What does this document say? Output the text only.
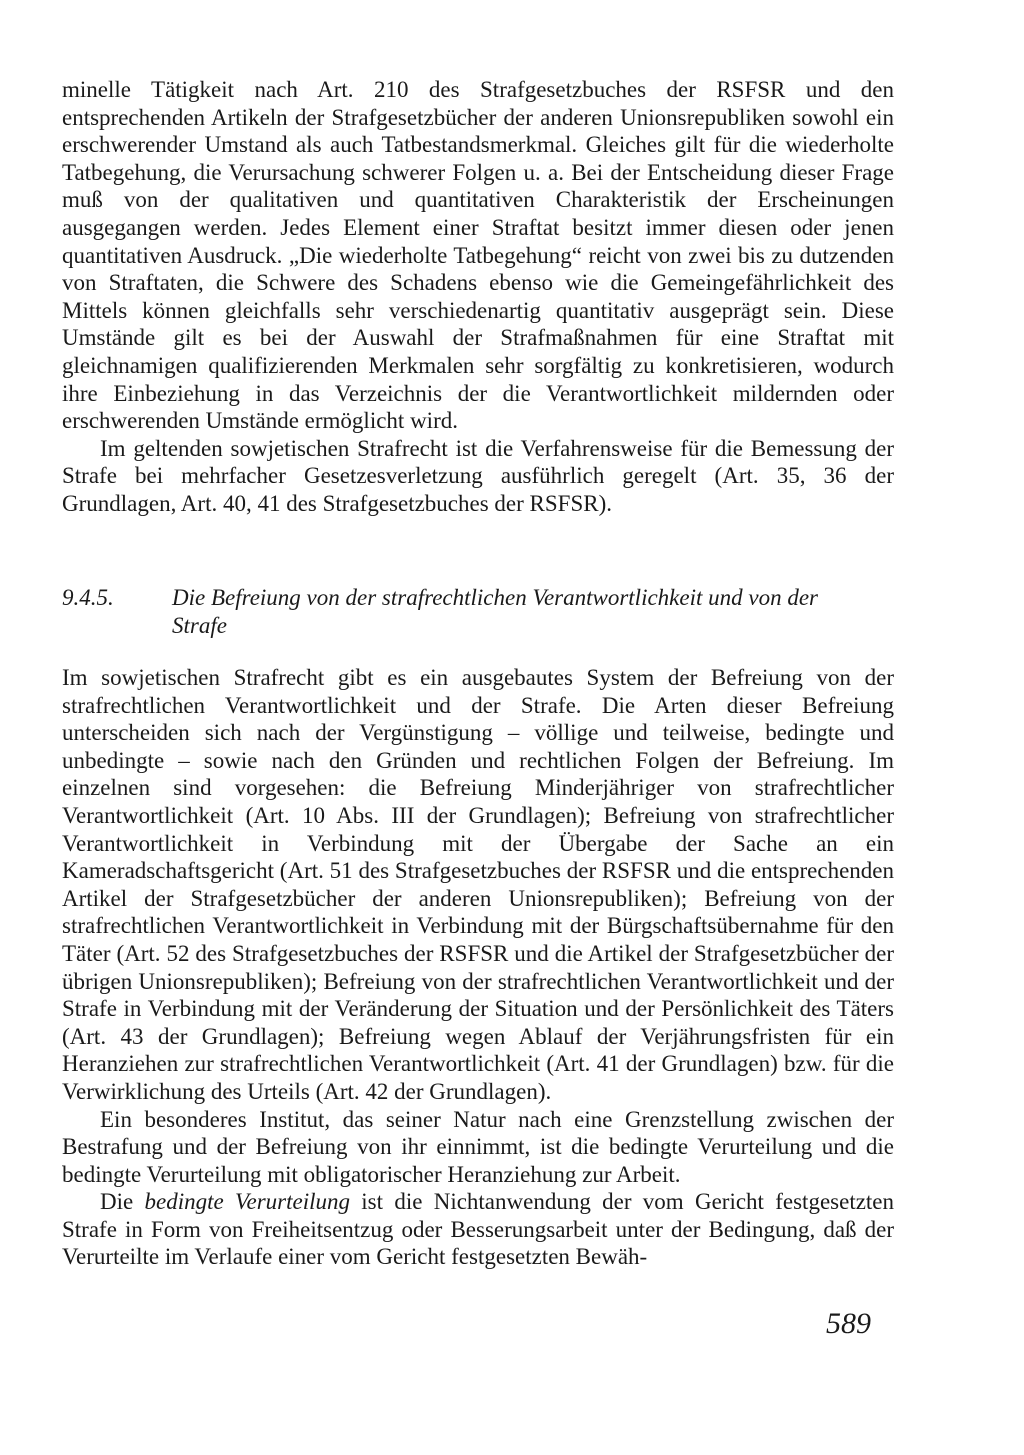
minelle Tätigkeit nach Art. 210 des Strafgesetzbuches der RSFSR und den entsprechenden Artikeln der Strafgesetzbücher der anderen Unionsrepubliken sowohl ein erschwerender Umstand als auch Tatbestandsmerkmal. Gleiches gilt für die wiederholte Tatbegehung, die Verursachung schwerer Folgen u. a. Bei der Entscheidung dieser Frage muß von der qualitativen und quantitativen Charakteristik der Erscheinungen ausgegangen werden. Jedes Element einer Straftat besitzt immer diesen oder jenen quantitativen Ausdruck. „Die wiederholte Tatbegehung“ reicht von zwei bis zu dutzenden von Straftaten, die Schwere des Schadens ebenso wie die Gemeingefährlichkeit des Mittels können gleichfalls sehr verschiedenartig quantitativ ausgeprägt sein. Diese Umstände gilt es bei der Auswahl der Strafmaßnahmen für eine Straftat mit gleichnamigen qualifizierenden Merkmalen sehr sorgfältig zu konkretisieren, wodurch ihre Einbeziehung in das Verzeichnis der die Verantwortlichkeit mildernden oder erschwerenden Umstände ermöglicht wird.

Im geltenden sowjetischen Strafrecht ist die Verfahrensweise für die Bemessung der Strafe bei mehrfacher Gesetzesverletzung ausführlich geregelt (Art. 35, 36 der Grundlagen, Art. 40, 41 des Strafgesetzbuches der RSFSR).

9.4.5.	Die Befreiung von der strafrechtlichen Verantwortlichkeit und von der Strafe

Im sowjetischen Strafrecht gibt es ein ausgebautes System der Befreiung von der strafrechtlichen Verantwortlichkeit und der Strafe. Die Arten dieser Befreiung unterscheiden sich nach der Vergünstigung – völlige und teilweise, bedingte und unbedingte – sowie nach den Gründen und rechtlichen Folgen der Befreiung. Im einzelnen sind vorgesehen: die Befreiung Minderjähriger von strafrechtlicher Verantwortlichkeit (Art. 10 Abs. III der Grundlagen); Befreiung von strafrechtlicher Verantwortlichkeit in Verbindung mit der Übergabe der Sache an ein Kameradschaftsgericht (Art. 51 des Strafgesetzbuches der RSFSR und die entsprechenden Artikel der Strafgesetzbücher der anderen Unionsrepubliken); Befreiung von der strafrechtlichen Verantwortlichkeit in Verbindung mit der Bürgschaftsübernahme für den Täter (Art. 52 des Strafgesetzbuches der RSFSR und die Artikel der Strafgesetzbücher der übrigen Unionsrepubliken); Befreiung von der strafrechtlichen Verantwortlichkeit und der Strafe in Verbindung mit der Veränderung der Situation und der Persönlichkeit des Täters (Art. 43 der Grundlagen); Befreiung wegen Ablauf der Verjährungsfristen für ein Heranziehen zur strafrechtlichen Verantwortlichkeit (Art. 41 der Grundlagen) bzw. für die Verwirklichung des Urteils (Art. 42 der Grundlagen).

Ein besonderes Institut, das seiner Natur nach eine Grenzstellung zwischen der Bestrafung und der Befreiung von ihr einnimmt, ist die bedingte Verurteilung und die bedingte Verurteilung mit obligatorischer Heranziehung zur Arbeit.

Die bedingte Verurteilung ist die Nichtanwendung der vom Gericht festgesetzten Strafe in Form von Freiheitsentzug oder Besserungsarbeit unter der Bedingung, daß der Verurteilte im Verlaufe einer vom Gericht festgesetzten Bewäh-

589
